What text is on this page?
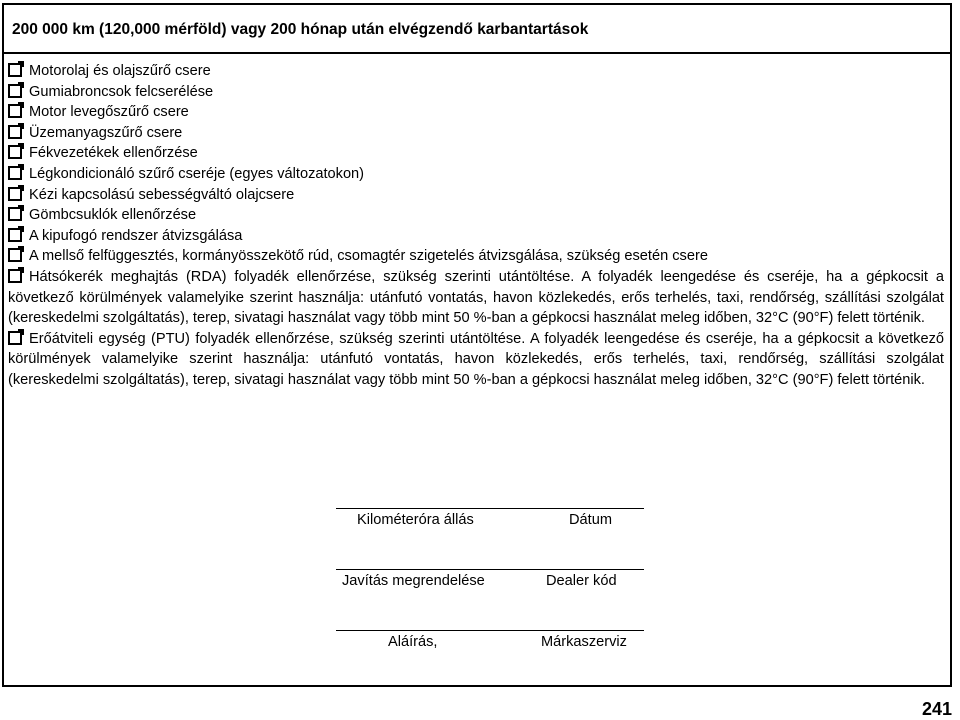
200 000 km (120,000 mérföld) vagy 200 hónap után elvégzendő karbantartások
Motorolaj és olajszűrő csere
Gumiabroncsok felcserélése
Motor levegőszűrő csere
Üzemanyagszűrő csere
Fékvezetékek ellenőrzése
Légkondicionáló szűrő cseréje (egyes változatokon)
Kézi kapcsolású sebességváltó olajcsere
Gömbcsuklók ellenőrzése
A kipufogó rendszer átvizsgálása
A mellső felfüggesztés, kormányösszekötő rúd, csomagtér szigetelés átvizsgálása, szükség esetén csere
Hátsókerék meghajtás (RDA) folyadék ellenőrzése, szükség szerinti utántöltése. A folyadék leengedése és cseréje, ha a gépkocsit a következő körülmények valamelyike szerint használja: utánfutó vontatás, havon közlekedés, erős terhelés, taxi, rendőrség, szállítási szolgálat (kereskedelmi szolgáltatás), terep, sivatagi használat vagy több mint 50 %-ban a gépkocsi használat meleg időben, 32°C (90°F) felett történik.
Erőátviteli egység (PTU) folyadék ellenőrzése, szükség szerinti utántöltése. A folyadék leengedése és cseréje, ha a gépkocsit a következő körülmények valamelyike szerint használja: utánfutó vontatás, havon közlekedés, erős terhelés, taxi, rendőrség, szállítási szolgálat (kereskedelmi szolgáltatás), terep, sivatagi használat vagy több mint 50 %-ban a gépkocsi használat meleg időben, 32°C (90°F) felett történik.
Kilométeróra állás	Dátum
Javítás megrendelése	Dealer kód
Aláírás,	Márkaszerviz
241
